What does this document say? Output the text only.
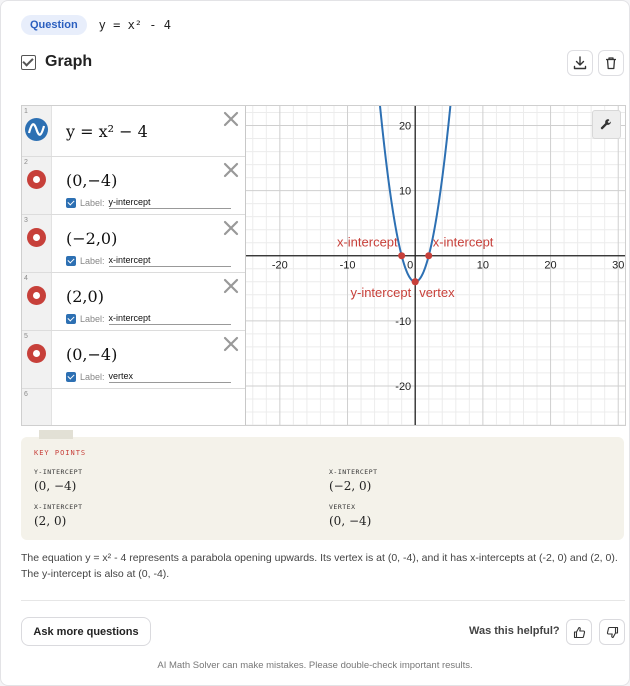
Question	y = x² - 4
Graph
1
y = x² − 4
2
(0,−4)
Label: y-intercept
3
(−2,0)
Label: x-intercept
4
(2,0)
Label: x-intercept
5
(0,−4)
Label: vertex
6
-20	-10	0	10	20	30
20
10
-10
-20
y-intercept
x-intercept	x-intercept
vertex
KEY POINTS
Y-INTERCEPT
(0, −4)
X-INTERCEPT
(−2, 0)
X-INTERCEPT
(2, 0)
VERTEX
(0, −4)
The equation y = x² - 4 represents a parabola opening upwards. Its vertex is at (0, -4), and it has x-intercepts at (-2, 0) and (2, 0). The y-intercept is also at (0, -4).
Ask more questions	Was this helpful?
AI Math Solver can make mistakes. Please double-check important results.
